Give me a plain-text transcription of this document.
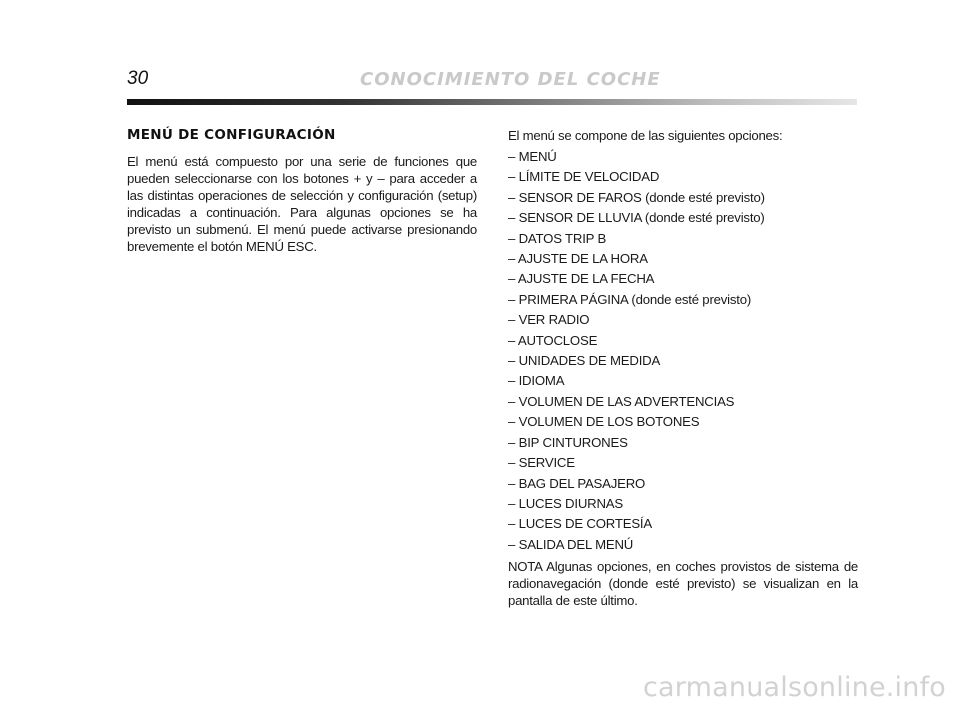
30	CONOCIMIENTO DEL COCHE
MENÚ DE CONFIGURACIÓN

El menú está compuesto por una serie de funciones que pueden seleccionarse con los botones + y – para acceder a las distintas operaciones de selección y configuración (setup) indicadas a continuación. Para algunas opciones se ha previsto un submenú. El menú puede activarse presionando brevemente el botón MENÚ ESC.

El menú se compone de las siguientes opciones:

– MENÚ
– LÍMITE DE VELOCIDAD
– SENSOR DE FAROS (donde esté previsto)
– SENSOR DE LLUVIA (donde esté previsto)
– DATOS TRIP B
– AJUSTE DE LA HORA
– AJUSTE DE LA FECHA
– PRIMERA PÁGINA (donde esté previsto)
– VER RADIO
– AUTOCLOSE
– UNIDADES DE MEDIDA
– IDIOMA
– VOLUMEN DE LAS ADVERTENCIAS
– VOLUMEN DE LOS BOTONES
– BIP CINTURONES
– SERVICE
– BAG DEL PASAJERO
– LUCES DIURNAS
– LUCES DE CORTESÍA
– SALIDA DEL MENÚ

NOTA Algunas opciones, en coches provistos de sistema de radionavegación (donde esté previsto) se visualizan en la pantalla de este último.

carmanualsonline.info
